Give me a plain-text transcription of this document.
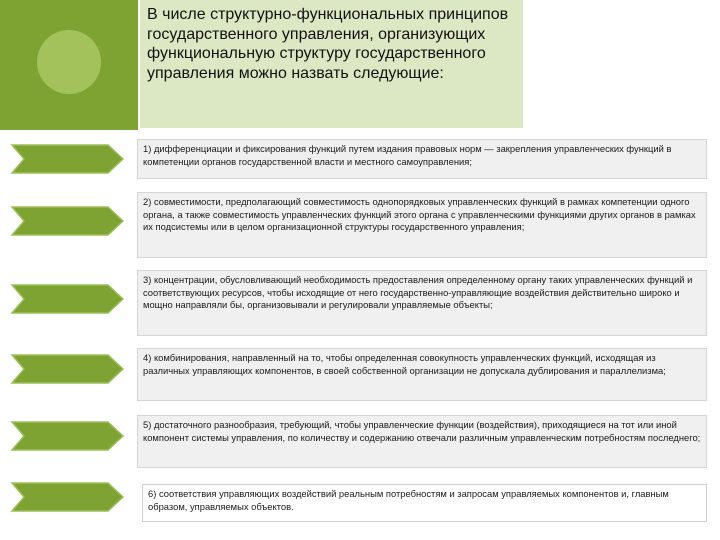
В числе структурно-функциональных принципов государственного управления, организующих функциональную структуру государственного управления можно назвать следующие:
1) дифференциации и фиксирования функций путем издания правовых норм — закрепления управленческих функций в компетенции органов государственной власти и местного самоуправления;
2) совместимости, предполагающий совместимость однопорядковых управленческих функций в рамках компетенции одного органа, а также совместимость управленческих функций этого органа с управленческими функциями других органов в рамках их подсистемы или в целом организационной структуры государственного управления;
3) концентрации, обусловливающий необходимость предоставления определенному органу таких управленческих функций и соответствующих ресурсов, чтобы исходящие от него государственно-управляющие воздействия действительно широко и мощно направляли бы, организовывали и регулировали управляемые объекты;
4) комбинирования, направленный на то, чтобы определенная совокупность управленческих функций, исходящая из различных управляющих компонентов, в своей собственной организации не допускала дублирования и параллелизма;
5) достаточного разнообразия, требующий, чтобы управленческие функции (воздействия), приходящиеся на тот или иной компонент системы управления, по количеству и содержанию отвечали различным управленческим потребностям последнего;
6) соответствия управляющих воздействий реальным потребностям и запросам управляемых компонентов и, главным образом, управляемых объектов.
